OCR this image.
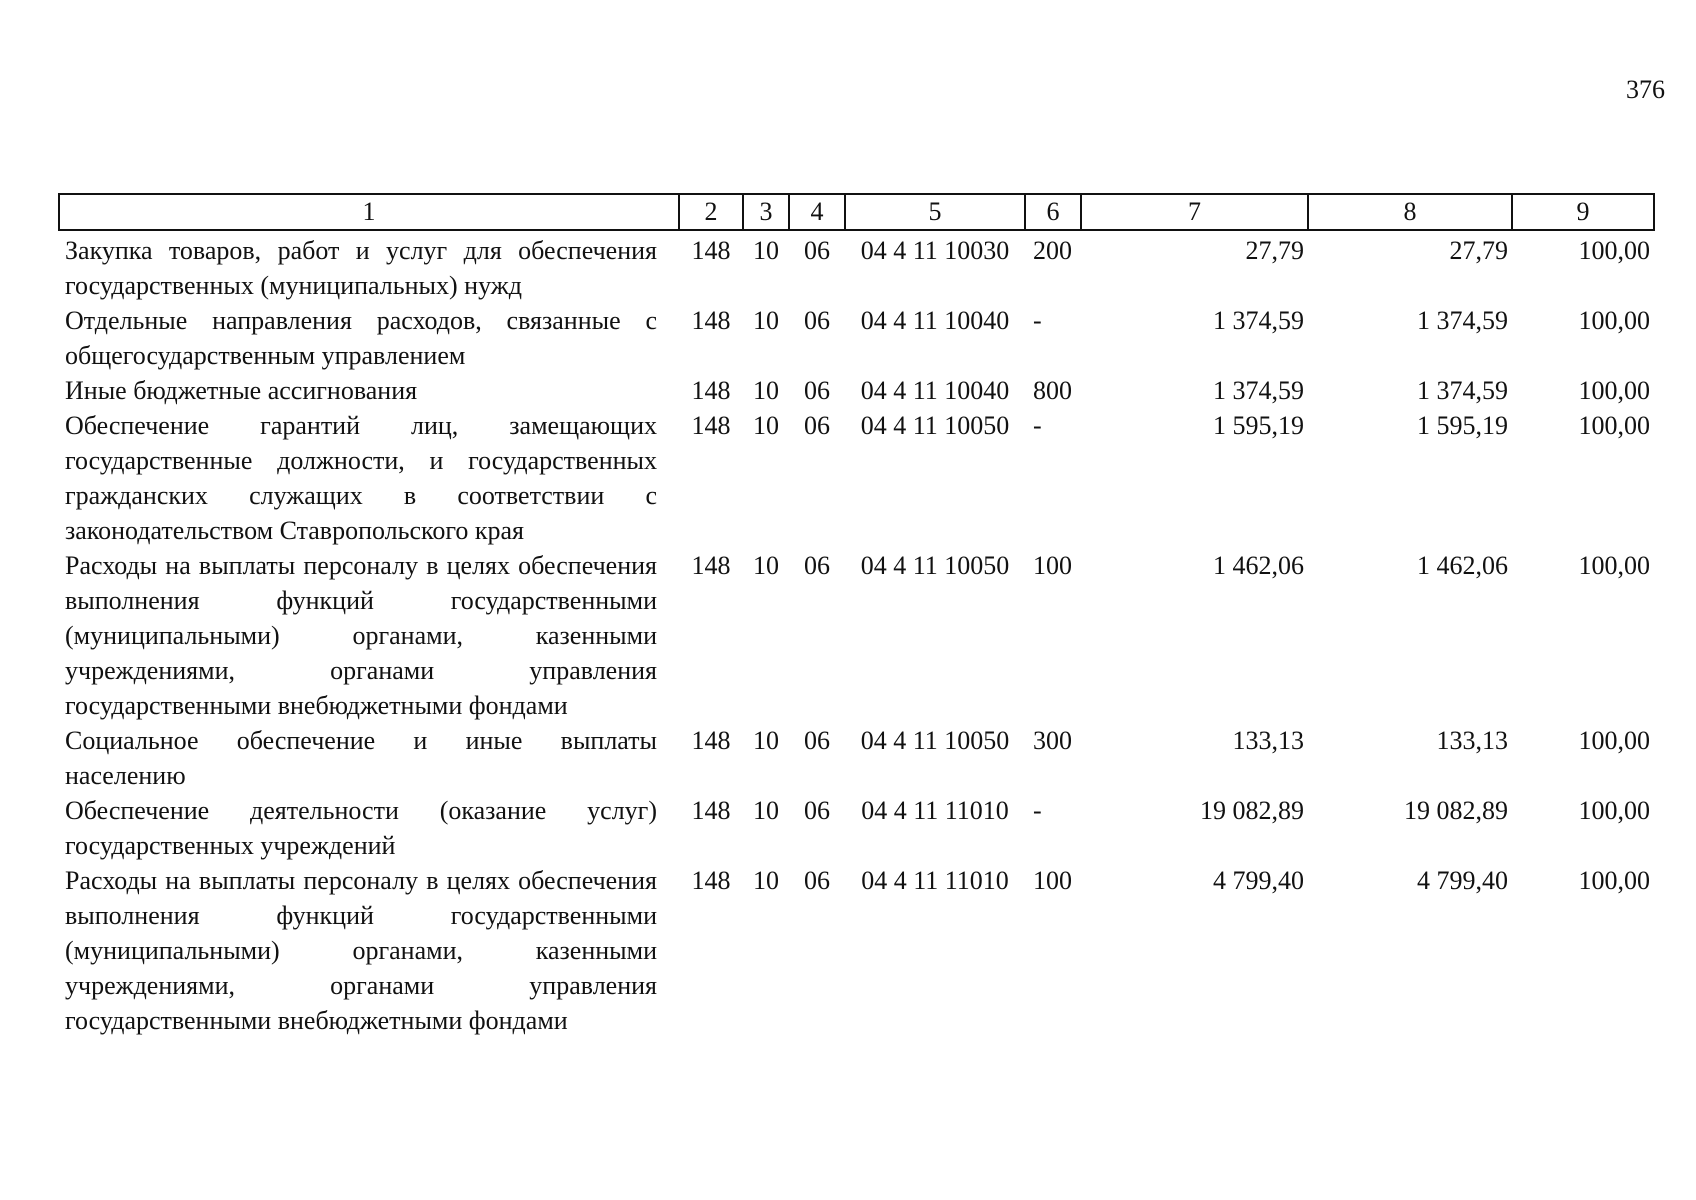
376
1	2	3	4	5	6	7	8	9
Закупка товаров, работ и услуг для обеспечения государственных (муниципальных) нужд	148	10	06	04 4 11 10030	200	27,79	27,79	100,00
Отдельные направления расходов, связанные с общегосударственным управлением	148	10	06	04 4 11 10040	-	1 374,59	1 374,59	100,00
Иные бюджетные ассигнования	148	10	06	04 4 11 10040	800	1 374,59	1 374,59	100,00
Обеспечение гарантий лиц, замещающих государственные должности, и государственных гражданских служащих в соответствии с законодательством Ставропольского края	148	10	06	04 4 11 10050	-	1 595,19	1 595,19	100,00
Расходы на выплаты персоналу в целях обеспечения выполнения функций государственными (муниципальными) органами, казенными учреждениями, органами управления государственными внебюджетными фондами	148	10	06	04 4 11 10050	100	1 462,06	1 462,06	100,00
Социальное обеспечение и иные выплаты населению	148	10	06	04 4 11 10050	300	133,13	133,13	100,00
Обеспечение деятельности (оказание услуг) государственных учреждений	148	10	06	04 4 11 11010	-	19 082,89	19 082,89	100,00
Расходы на выплаты персоналу в целях обеспечения выполнения функций государственными (муниципальными) органами, казенными учреждениями, органами управления государственными внебюджетными фондами	148	10	06	04 4 11 11010	100	4 799,40	4 799,40	100,00
